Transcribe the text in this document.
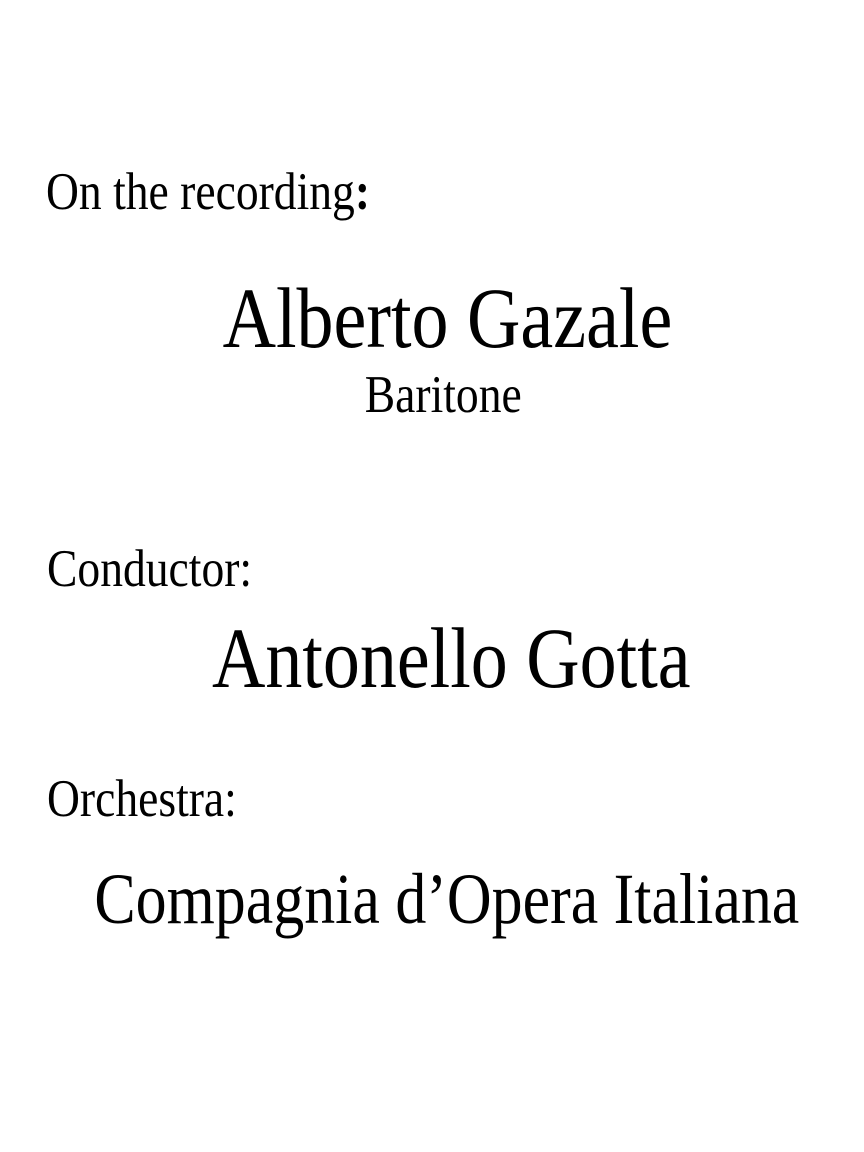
On the recording:
Alberto Gazale
Baritone
Conductor:
Antonello Gotta
Orchestra:
Compagnia d’Opera Italiana
